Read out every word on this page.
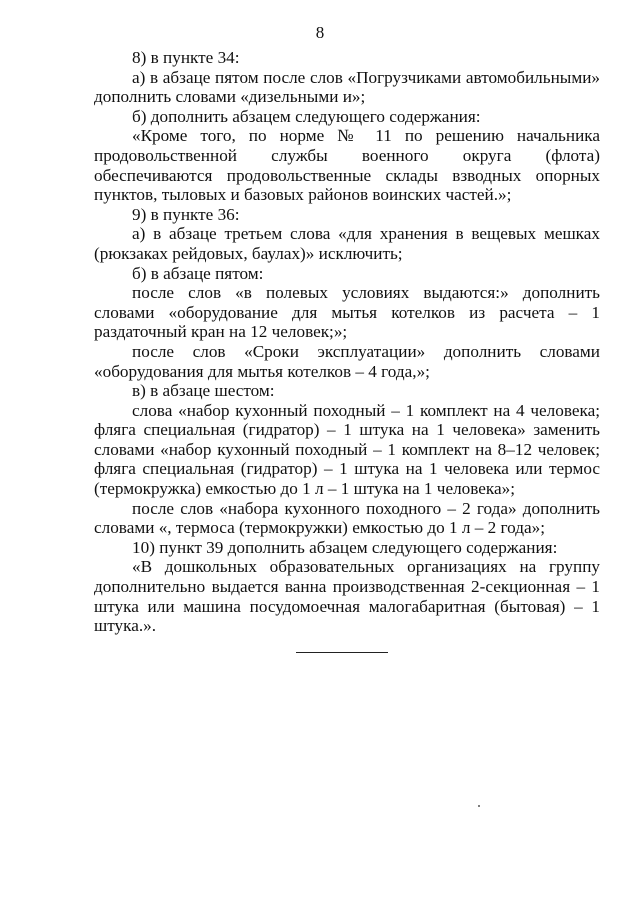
8

8) в пункте 34:

а) в абзаце пятом после слов «Погрузчиками автомобильными» дополнить словами «дизельными и»;

б) дополнить абзацем следующего содержания:

«Кроме того, по норме № 11 по решению начальника продовольственной службы военного округа (флота) обеспечиваются продовольственные склады взводных опорных пунктов, тыловых и базовых районов воинских частей.»;

9) в пункте 36:

а) в абзаце третьем слова «для хранения в вещевых мешках (рюкзаках рейдовых, баулах)» исключить;

б) в абзаце пятом:

после слов «в полевых условиях выдаются:» дополнить словами «оборудование для мытья котелков из расчета – 1 раздаточный кран на 12 человек;»;

после слов «Сроки эксплуатации» дополнить словами «оборудования для мытья котелков – 4 года,»;

в) в абзаце шестом:

слова «набор кухонный походный – 1 комплект на 4 человека; фляга специальная (гидратор) – 1 штука на 1 человека» заменить словами «набор кухонный походный – 1 комплект на 8–12 человек; фляга специальная (гидратор) – 1 штука на 1 человека или термос (термокружка) емкостью до 1 л – 1 штука на 1 человека»;

после слов «набора кухонного походного – 2 года» дополнить словами «, термоса (термокружки) емкостью до 1 л – 2 года»;

10) пункт 39 дополнить абзацем следующего содержания:

«В дошкольных образовательных организациях на группу дополнительно выдается ванна производственная 2-секционная – 1 штука или машина посудомоечная малогабаритная (бытовая) – 1 штука.».
